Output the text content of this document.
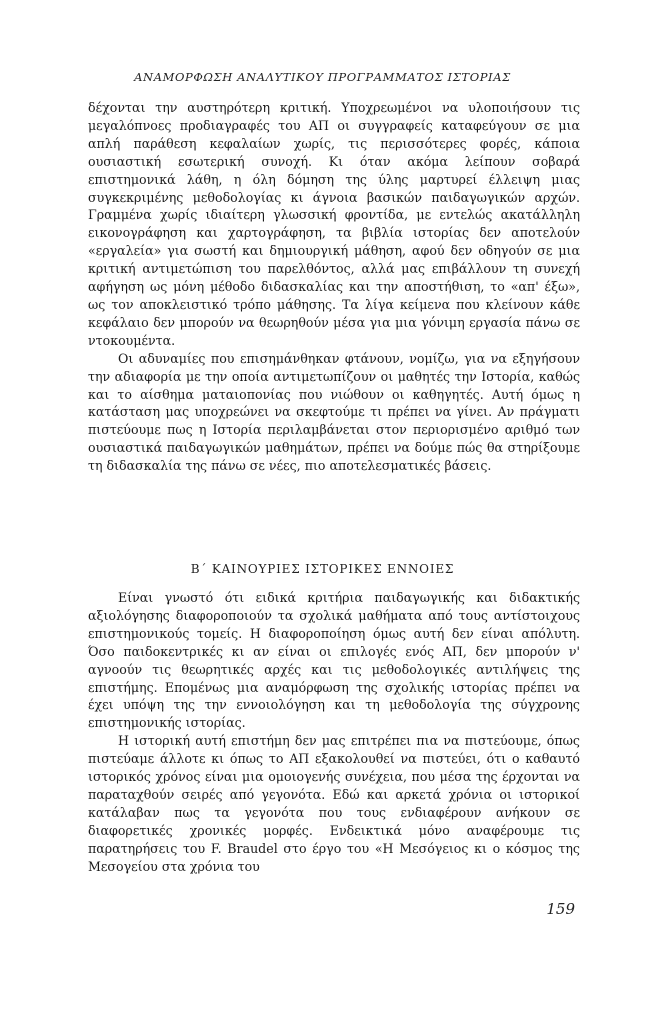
ΑΝΑΜΟΡΦΩΣΗ ΑΝΑΛΥΤΙΚΟΥ ΠΡΟΓΡΑΜΜΑΤΟΣ ΙΣΤΟΡΙΑΣ

δέχονται την αυστηρότερη κριτική. Υποχρεωμένοι να υλοποιήσουν τις μεγαλόπνοες προδιαγραφές του ΑΠ οι συγγραφείς καταφεύγουν σε μια απλή παράθεση κεφαλαίων χωρίς, τις περισσότερες φορές, κάποια ουσιαστική εσωτερική συνοχή. Κι όταν ακόμα λείπουν σοβαρά επιστημονικά λάθη, η όλη δόμηση της ύλης μαρτυρεί έλλειψη μιας συγκεκριμένης μεθοδολογίας κι άγνοια βασικών παιδαγωγικών αρχών. Γραμμένα χωρίς ιδιαίτερη γλωσσική φροντίδα, με εντελώς ακατάλληλη εικονογράφηση και χαρτογράφηση, τα βιβλία ιστορίας δεν αποτελούν «εργαλεία» για σωστή και δημιουργική μάθηση, αφού δεν οδηγούν σε μια κριτική αντιμετώπιση του παρελθόντος, αλλά μας επιβάλλουν τη συνεχή αφήγηση ως μόνη μέθοδο διδασκαλίας και την αποστήθιση, το «απ' έξω», ως τον αποκλειστικό τρόπο μάθησης. Τα λίγα κείμενα που κλείνουν κάθε κεφάλαιο δεν μπορούν να θεωρηθούν μέσα για μια γόνιμη εργασία πάνω σε ντοκουμέντα.

Οι αδυναμίες που επισημάνθηκαν φτάνουν, νομίζω, για να εξηγήσουν την αδιαφορία με την οποία αντιμετωπίζουν οι μαθητές την Ιστορία, καθώς και το αίσθημα ματαιοπονίας που νιώθουν οι καθηγητές. Αυτή όμως η κατάσταση μας υποχρεώνει να σκεφτούμε τι πρέπει να γίνει. Αν πράγματι πιστεύουμε πως η Ιστορία περιλαμβάνεται στον περιορισμένο αριθμό των ουσιαστικά παιδαγωγικών μαθημάτων, πρέπει να δούμε πώς θα στηρίξουμε τη διδασκαλία της πάνω σε νέες, πιο αποτελεσματικές βάσεις.

Β΄ ΚΑΙΝΟΥΡΙΕΣ ΙΣΤΟΡΙΚΕΣ ΕΝΝΟΙΕΣ

Είναι γνωστό ότι ειδικά κριτήρια παιδαγωγικής και διδακτικής αξιολόγησης διαφοροποιούν τα σχολικά μαθήματα από τους αντίστοιχους επιστημονικούς τομείς. Η διαφοροποίηση όμως αυτή δεν είναι απόλυτη. Όσο παιδοκεντρικές κι αν είναι οι επιλογές ενός ΑΠ, δεν μπορούν ν' αγνοούν τις θεωρητικές αρχές και τις μεθοδολογικές αντιλήψεις της επιστήμης. Επομένως μια αναμόρφωση της σχολικής ιστορίας πρέπει να έχει υπόψη της την εννοιολόγηση και τη μεθοδολογία της σύγχρονης επιστημονικής ιστορίας.

Η ιστορική αυτή επιστήμη δεν μας επιτρέπει πια να πιστεύουμε, όπως πιστεύαμε άλλοτε κι όπως το ΑΠ εξακολουθεί να πιστεύει, ότι ο καθαυτό ιστορικός χρόνος είναι μια ομοιογενής συνέχεια, που μέσα της έρχονται να παραταχθούν σειρές από γεγονότα. Εδώ και αρκετά χρόνια οι ιστορικοί κατάλαβαν πως τα γεγονότα που τους ενδιαφέρουν ανήκουν σε διαφορετικές χρονικές μορφές. Ενδεικτικά μόνο αναφέρουμε τις παρατηρήσεις του F. Braudel στο έργο του «Η Μεσόγειος κι ο κόσμος της Μεσογείου στα χρόνια του

159
